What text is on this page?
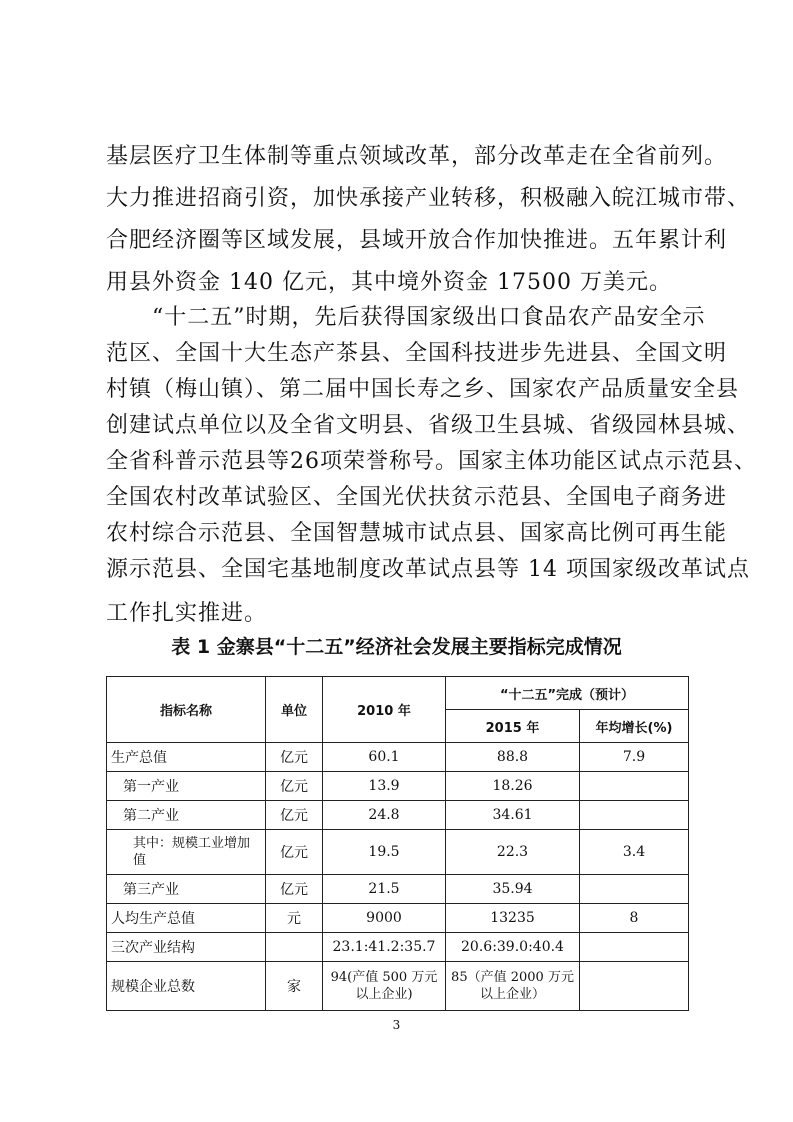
基层医疗卫生体制等重点领域改革，部分改革走在全省前列。
大力推进招商引资，加快承接产业转移，积极融入皖江城市带、
合肥经济圈等区域发展，县域开放合作加快推进。五年累计利
用县外资金 140 亿元，其中境外资金 17500 万美元。
“十二五”时期，先后获得国家级出口食品农产品安全示
范区、全国十大生态产茶县、全国科技进步先进县、全国文明
村镇（梅山镇）、第二届中国长寿之乡、国家农产品质量安全县
创建试点单位以及全省文明县、省级卫生县城、省级园林县城、
全省科普示范县等26项荣誉称号。国家主体功能区试点示范县、
全国农村改革试验区、全国光伏扶贫示范县、全国电子商务进
农村综合示范县、全国智慧城市试点县、国家高比例可再生能
源示范县、全国宅基地制度改革试点县等 14 项国家级改革试点
工作扎实推进。
表 1 金寨县“十二五”经济社会发展主要指标完成情况
指标名称	单位	2010 年	“十二五”完成（预计）	
			2015 年	年均增长(%)
生产总值	亿元	60.1	88.8	7.9
第一产业	亿元	13.9	18.26	
第二产业	亿元	24.8	34.61	
其中：规模工业增加值	亿元	19.5	22.3	3.4
第三产业	亿元	21.5	35.94	
人均生产总值	元	9000	13235	8
三次产业结构		23.1:41.2:35.7	20.6:39.0:40.4	
规模企业总数	家	94(产值 500 万元以上企业)	85（产值 2000 万元以上企业）	
3
